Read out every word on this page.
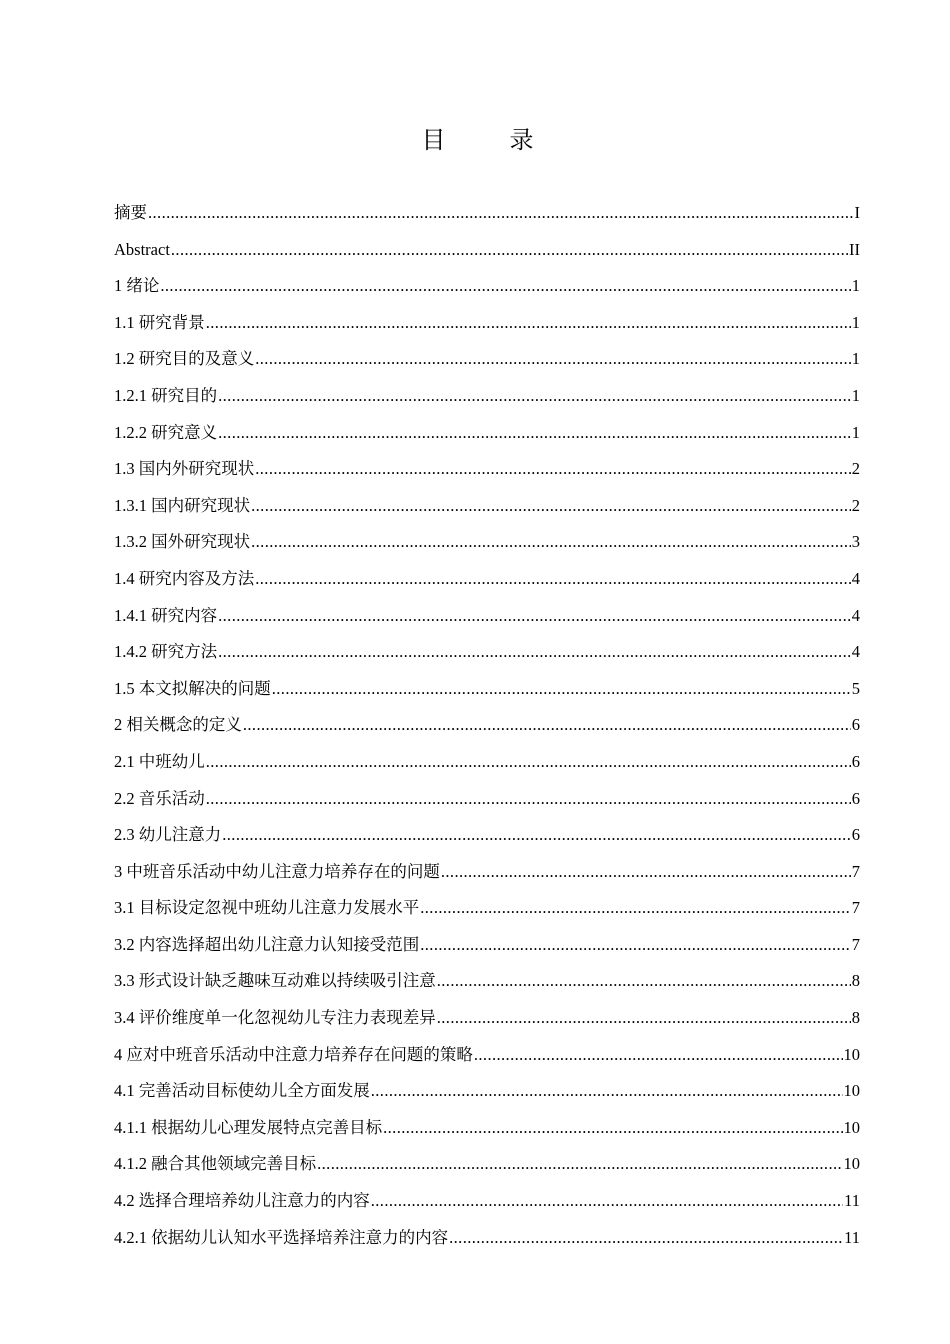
目　录
摘要 .....	I
Abstract .....	II
1 绪论 .....	1
1.1 研究背景 .....	1
1.2 研究目的及意义 .....	1
1.2.1 研究目的 .....	1
1.2.2 研究意义 .....	1
1.3 国内外研究现状 .....	2
1.3.1 国内研究现状 .....	2
1.3.2 国外研究现状 .....	3
1.4 研究内容及方法 .....	4
1.4.1 研究内容 .....	4
1.4.2 研究方法 .....	4
1.5 本文拟解决的问题 .....	5
2 相关概念的定义 .....	6
2.1 中班幼儿 .....	6
2.2 音乐活动 .....	6
2.3 幼儿注意力 .....	6
3 中班音乐活动中幼儿注意力培养存在的问题 .....	7
3.1 目标设定忽视中班幼儿注意力发展水平 .....	7
3.2 内容选择超出幼儿注意力认知接受范围 .....	7
3.3 形式设计缺乏趣味互动难以持续吸引注意 .....	8
3.4 评价维度单一化忽视幼儿专注力表现差异 .....	8
4 应对中班音乐活动中注意力培养存在问题的策略 .....	10
4.1 完善活动目标使幼儿全方面发展 .....	10
4.1.1 根据幼儿心理发展特点完善目标 .....	10
4.1.2 融合其他领域完善目标 .....	10
4.2 选择合理培养幼儿注意力的内容 .....	11
4.2.1 依据幼儿认知水平选择培养注意力的内容 .....	11
